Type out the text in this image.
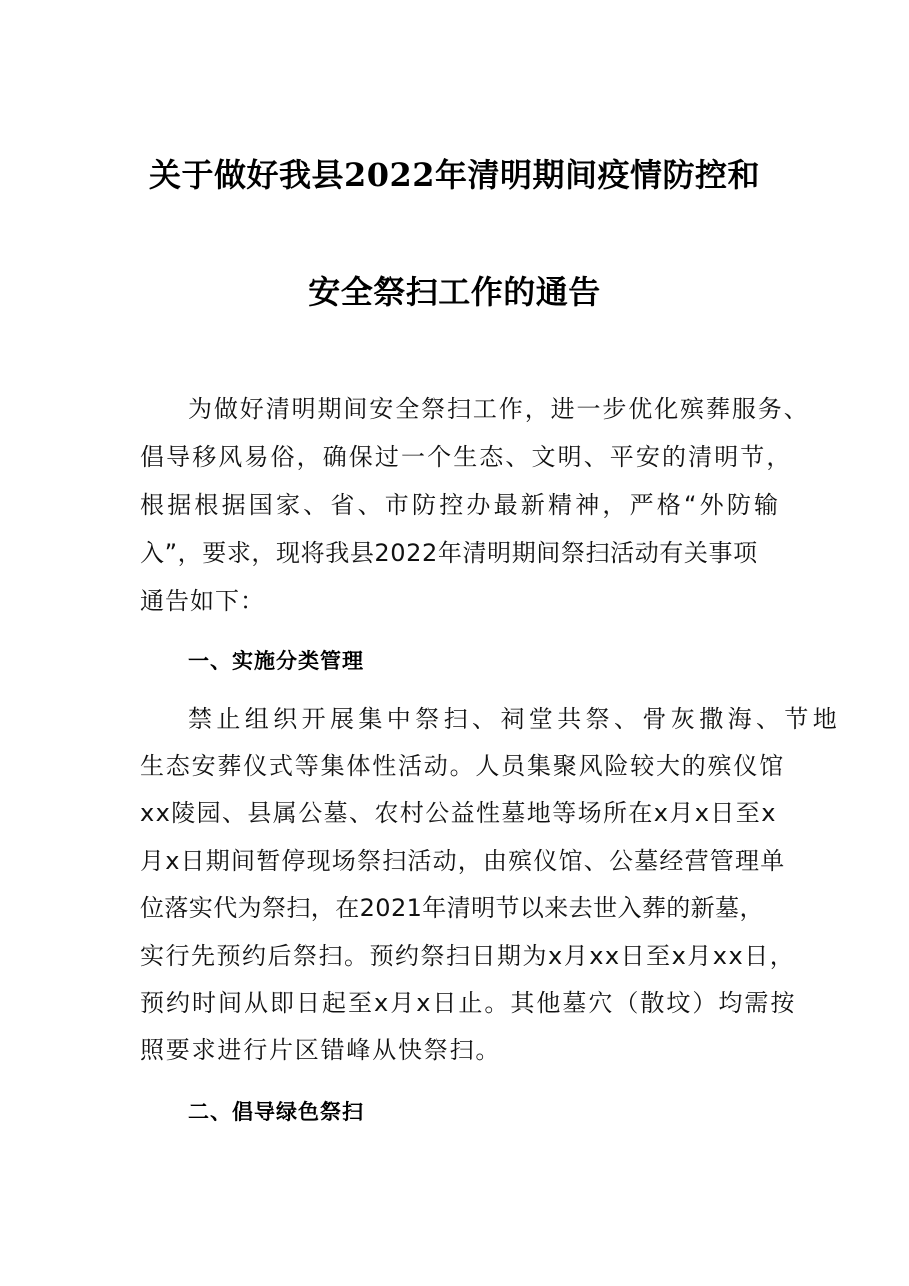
关于做好我县2022年清明期间疫情防控和
安全祭扫工作的通告
为做好清明期间安全祭扫工作，进一步优化殡葬服务、
倡导移风易俗，确保过一个生态、文明、平安的清明节，
根据根据国家、省、市防控办最新精神，严格“外防输
入”，要求，现将我县2022年清明期间祭扫活动有关事项
通告如下：
一、实施分类管理
禁止组织开展集中祭扫、祠堂共祭、骨灰撒海、节地
生态安葬仪式等集体性活动。人员集聚风险较大的殡仪馆
xx陵园、县属公墓、农村公益性墓地等场所在x月x日至x
月x日期间暂停现场祭扫活动，由殡仪馆、公墓经营管理单
位落实代为祭扫，在2021年清明节以来去世入葬的新墓，
实行先预约后祭扫。预约祭扫日期为x月xx日至x月xx日，
预约时间从即日起至x月x日止。其他墓穴（散坟）均需按
照要求进行片区错峰从快祭扫。
二、倡导绿色祭扫
